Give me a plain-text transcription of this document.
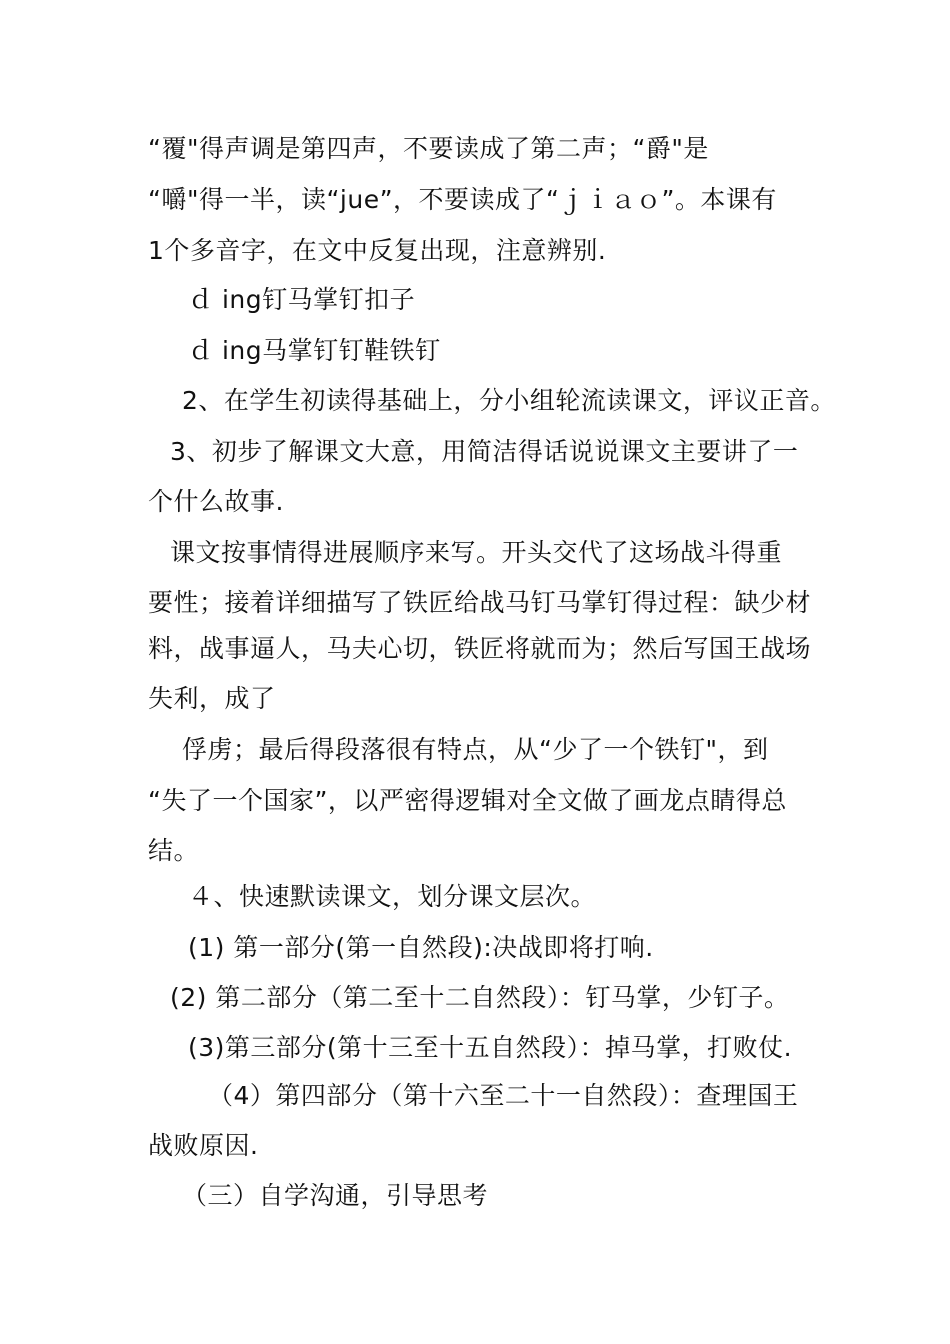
“覆"得声调是第四声，不要读成了第二声；“爵"是
“嚼"得一半，读“jue”，不要读成了“ｊｉａｏ”。本课有
1个多音字，在文中反复出现，注意辨别.
ｄ ing钉马掌钉扣子
ｄ ing马掌钉钉鞋铁钉
2、在学生初读得基础上，分小组轮流读课文，评议正音。
3、初步了解课文大意，用简洁得话说说课文主要讲了一
个什么故事.
课文按事情得进展顺序来写。开头交代了这场战斗得重
要性；接着详细描写了铁匠给战马钉马掌钉得过程：缺少材
料，战事逼人，马夫心切，铁匠将就而为；然后写国王战场
失利，成了
俘虏；最后得段落很有特点，从“少了一个铁钉"，到
“失了一个国家”，以严密得逻辑对全文做了画龙点睛得总
结。
４、快速默读课文，划分课文层次。
(1) 第一部分(第一自然段):决战即将打响.
(2) 第二部分（第二至十二自然段）：钉马掌，少钉子。
(3)第三部分(第十三至十五自然段）：掉马掌，打败仗.
（4）第四部分（第十六至二十一自然段）：查理国王
战败原因.
（三）自学沟通，引导思考
